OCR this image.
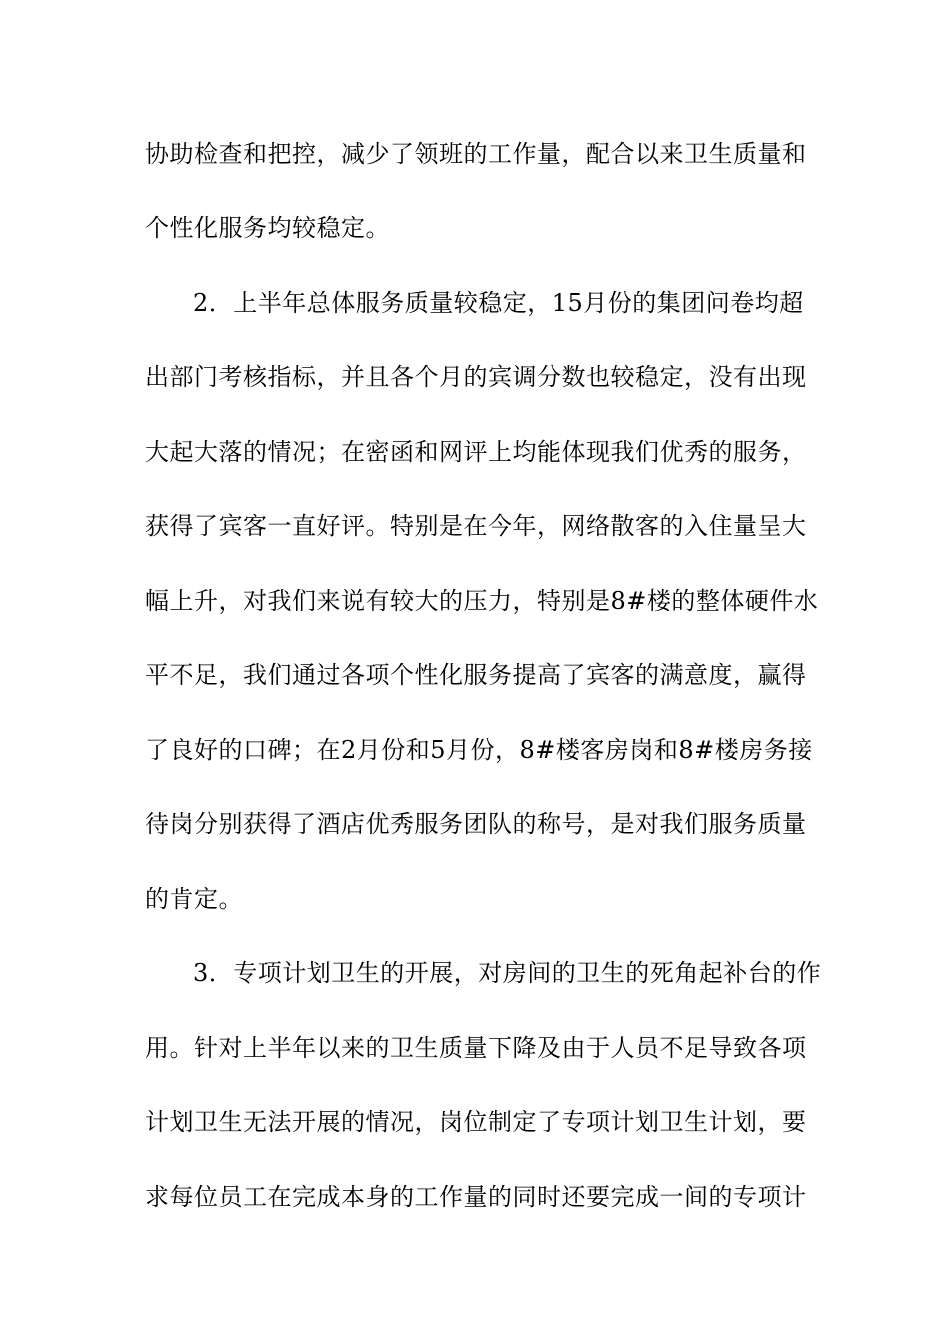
协助检查和把控，减少了领班的工作量，配合以来卫生质量和
个性化服务均较稳定。
2．上半年总体服务质量较稳定，15月份的集团问卷均超
出部门考核指标，并且各个月的宾调分数也较稳定，没有出现
大起大落的情况；在密函和网评上均能体现我们优秀的服务，
获得了宾客一直好评。特别是在今年，网络散客的入住量呈大
幅上升，对我们来说有较大的压力，特别是8#楼的整体硬件水
平不足，我们通过各项个性化服务提高了宾客的满意度，赢得
了良好的口碑；在2月份和5月份，8#楼客房岗和8#楼房务接
待岗分别获得了酒店优秀服务团队的称号，是对我们服务质量
的肯定。
3．专项计划卫生的开展，对房间的卫生的死角起补台的作
用。针对上半年以来的卫生质量下降及由于人员不足导致各项
计划卫生无法开展的情况，岗位制定了专项计划卫生计划，要
求每位员工在完成本身的工作量的同时还要完成一间的专项计
